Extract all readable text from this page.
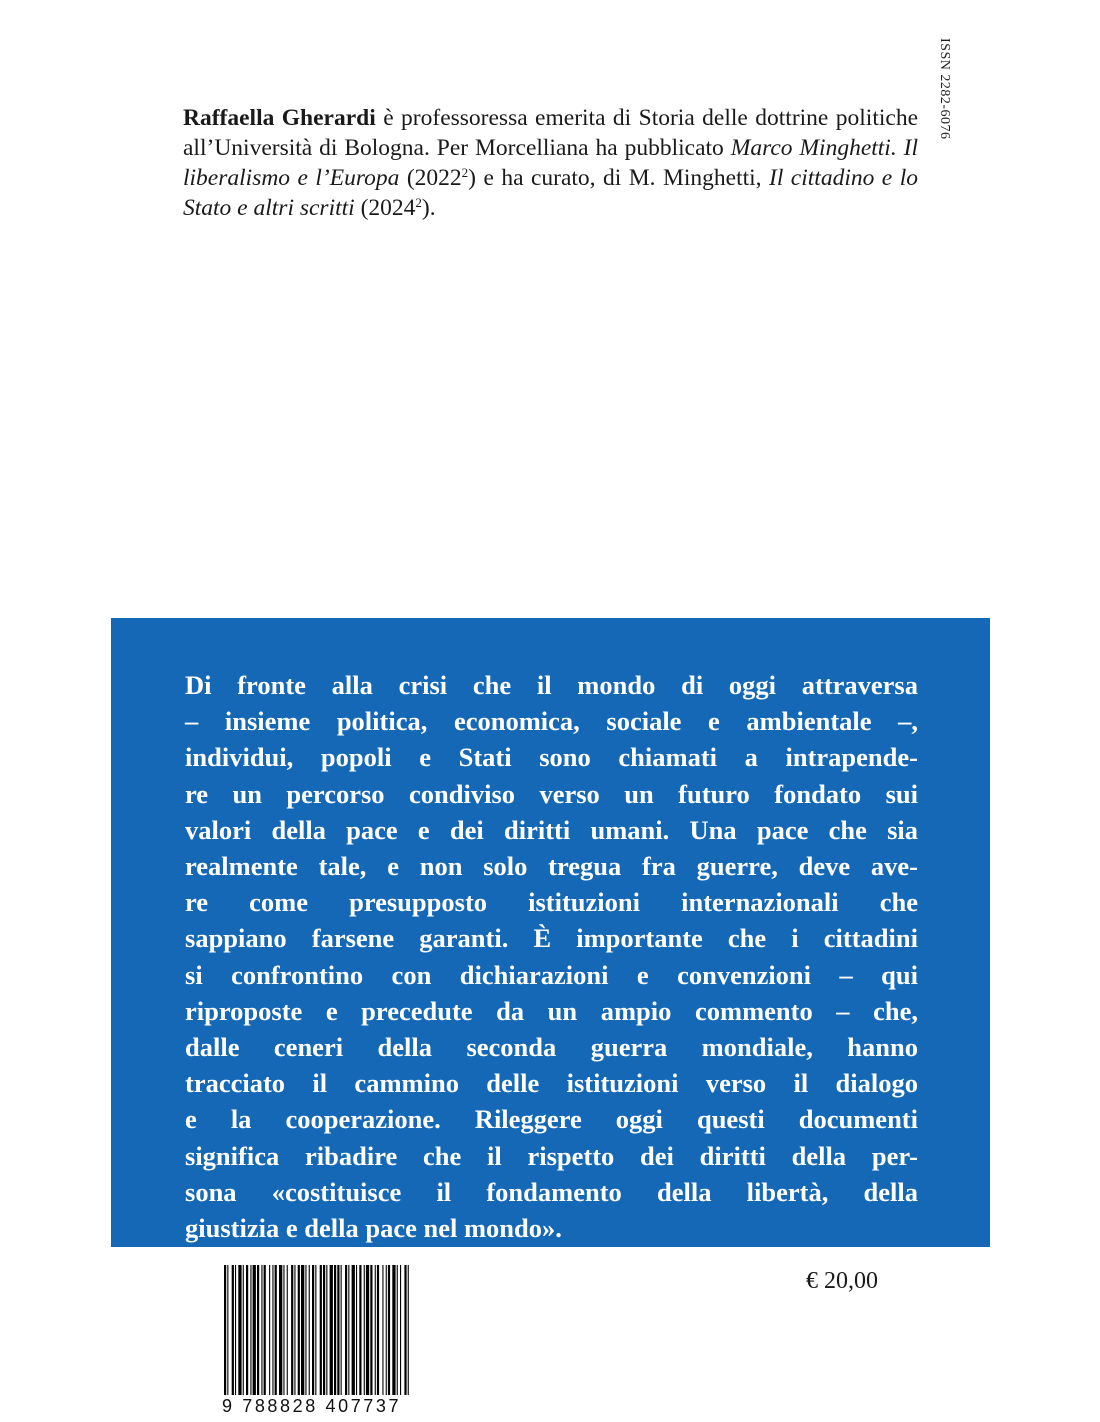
ISSN 2282-6076

Raffaella Gherardi è professoressa emerita di Storia delle dottrine politiche all’Università di Bologna. Per Morcelliana ha pubblicato Marco Minghetti. Il liberalismo e l’Europa (2022$^2$) e ha curato, di M. Minghetti, Il cittadino e lo Stato e altri scritti (2024$^2$).

Di fronte alla crisi che il mondo di oggi attraversa
– insieme politica, economica, sociale e ambientale –,
individui, popoli e Stati sono chiamati a intrapende-
re un percorso condiviso verso un futuro fondato sui
valori della pace e dei diritti umani. Una pace che sia
realmente tale, e non solo tregua fra guerre, deve ave-
re come presupposto istituzioni internazionali che
sappiano farsene garanti. È importante che i cittadini
si confrontino con dichiarazioni e convenzioni – qui
riproposte e precedute da un ampio commento – che,
dalle ceneri della seconda guerra mondiale, hanno
tracciato il cammino delle istituzioni verso il dialogo
e la cooperazione. Rileggere oggi questi documenti
significa ribadire che il rispetto dei diritti della per-
sona «costituisce il fondamento della libertà, della
giustizia e della pace nel mondo».

9 788828 407737
€ 20,00
